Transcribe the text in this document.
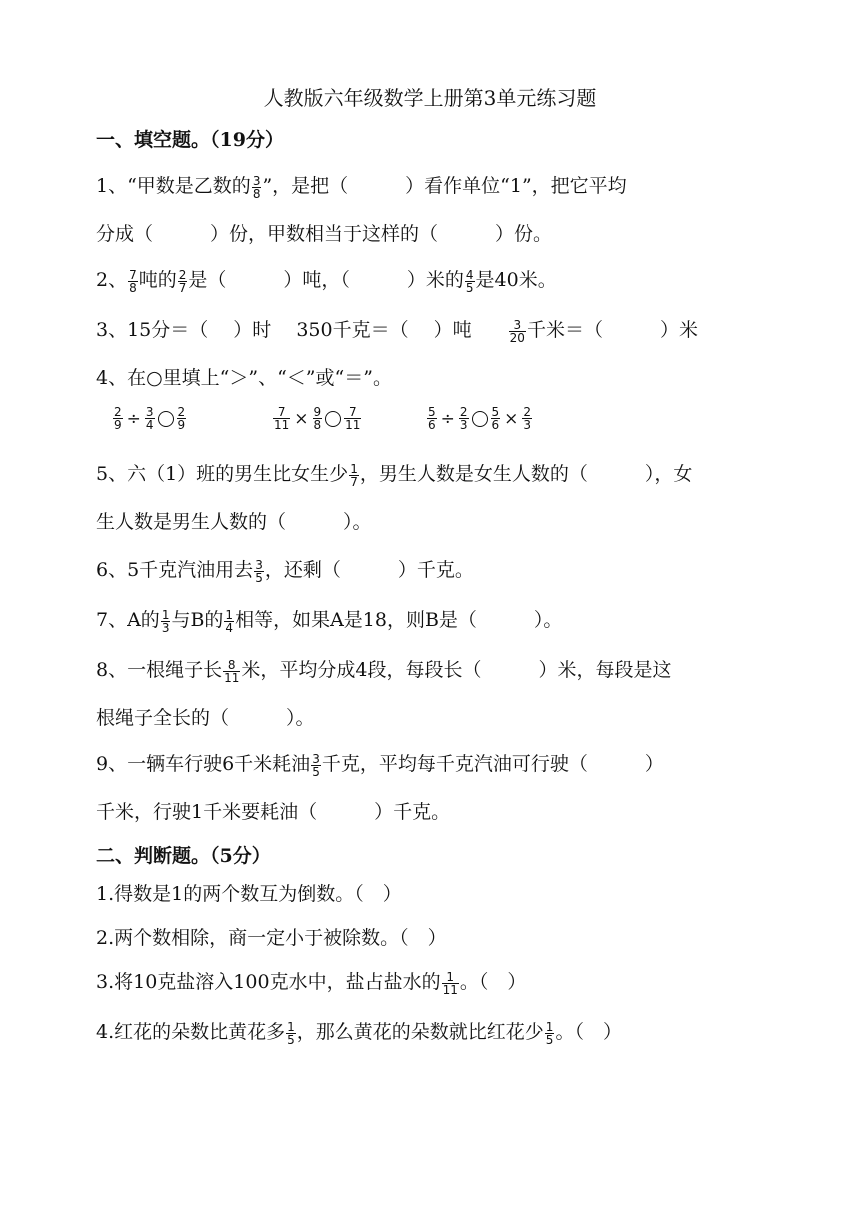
人教版六年级数学上册第3单元练习题
一、填空题。（19分）
1、“甲数是乙数的 $\frac{3}{8}$ ”，是把（　　　）看作单位“1”，把它平均
分成（　　　）份，甲数相当于这样的（　　　）份。
2、 $\frac{7}{8}$ 吨的 $\frac{2}{7}$ 是（　　　）吨，（　　　）米的 $\frac{4}{5}$ 是40米。
3、15分＝（　 ）时　 350千克＝（　 ）吨	$\frac{3}{20}$ 千米＝（　　　）米
4、在○里填上“＞”、“＜”或“＝”。
$\frac{2}{9} \div \frac{3}{4} \frac{2}{9}$	$\frac{7}{11} \times \frac{9}{8} \frac{7}{11}$	$\frac{5}{6} \div \frac{2}{3} \frac{5}{6} \times \frac{2}{3}$
5、六（1）班的男生比女生少 $\frac{1}{7}$ ，男生人数是女生人数的（　　　），女
生人数是男生人数的（　　　）。
6、5千克汽油用去 $\frac{3}{5}$ ，还剩（　　　）千克。
7、A的 $\frac{1}{3}$ 与B的 $\frac{1}{4}$ 相等，如果A是18，则B是（　　　）。
8、一根绳子长 $\frac{8}{11}$ 米，平均分成4段，每段长（　　　）米，每段是这
根绳子全长的（　　　）。
9、一辆车行驶6千米耗油 $\frac{3}{5}$ 千克，平均每千克汽油可行驶（　　　）
千米，行驶1千米要耗油（　　　）千克。
二、判断题。（5分）
1.得数是1的两个数互为倒数。（　）
2.两个数相除，商一定小于被除数。（　）
3.将10克盐溶入100克水中，盐占盐水的 $\frac{1}{11}$ 。（　）
4.红花的朵数比黄花多 $\frac{1}{5}$ ，那么黄花的朵数就比红花少 $\frac{1}{5}$ 。（　）
